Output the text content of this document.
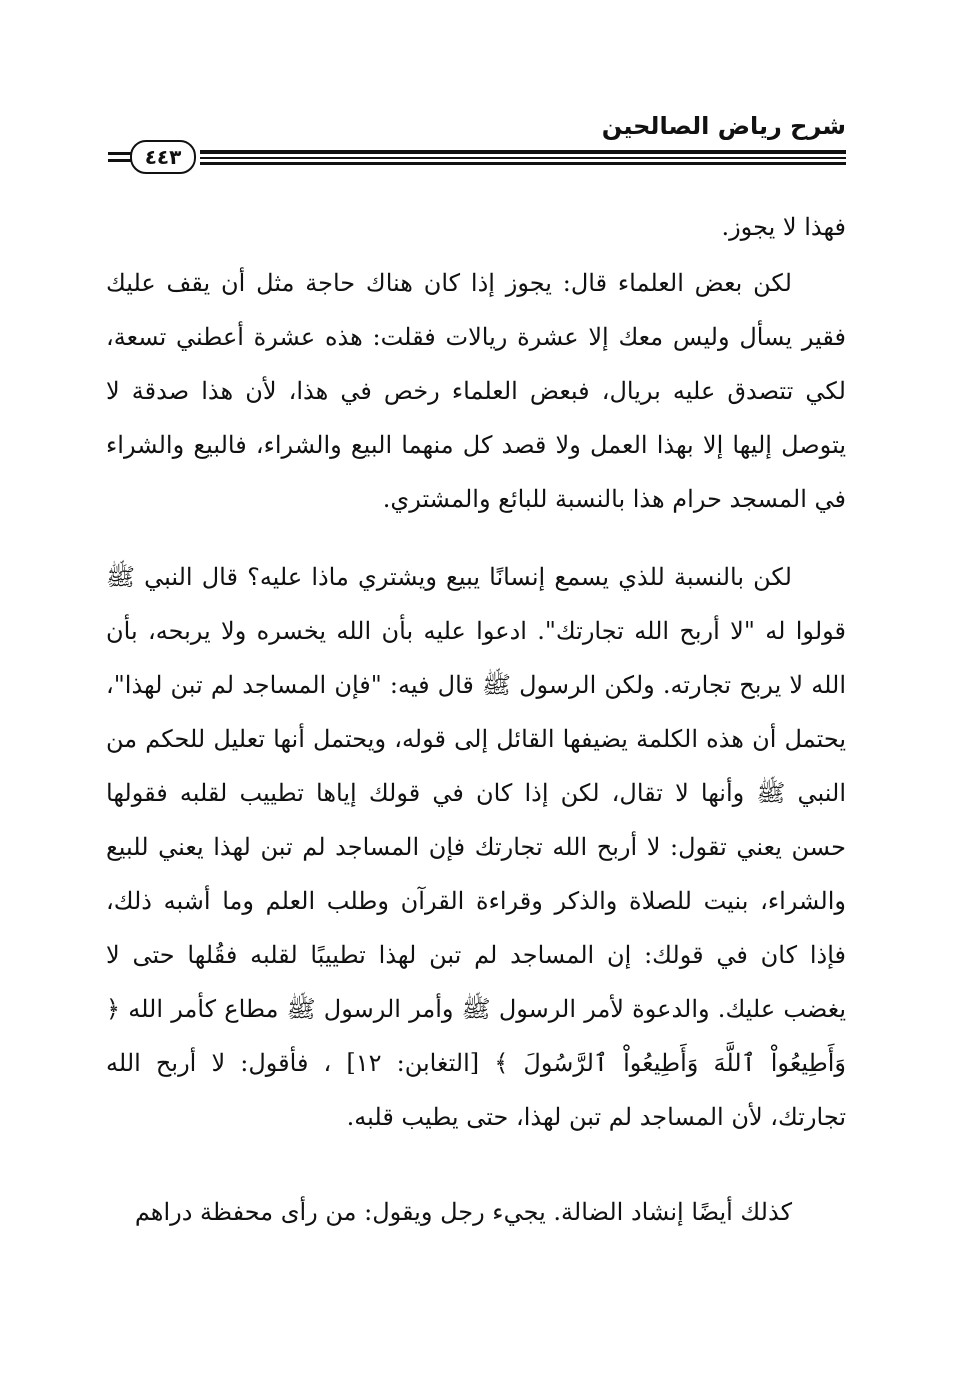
شرح رياض الصالحين
٤٤٣

فهذا لا يجوز.

لكن بعض العلماء قال: يجوز إذا كان هناك حاجة مثل أن يقف عليك فقير يسأل وليس معك إلا عشرة ريالات فقلت: هذه عشرة أعطني تسعة، لكي تتصدق عليه بريال، فبعض العلماء رخص في هذا، لأن هذا صدقة لا يتوصل إليها إلا بهذا العمل ولا قصد كل منهما البيع والشراء، فالبيع والشراء في المسجد حرام هذا بالنسبة للبائع والمشتري.

لكن بالنسبة للذي يسمع إنسانًا يبيع ويشتري ماذا عليه؟ قال النبي ﷺ قولوا له "لا أربح الله تجارتك". ادعوا عليه بأن الله يخسره ولا يربحه، بأن الله لا يربح تجارته. ولكن الرسول ﷺ قال فيه: "فإن المساجد لم تبن لهذا"، يحتمل أن هذه الكلمة يضيفها القائل إلى قوله، ويحتمل أنها تعليل للحكم من النبي ﷺ وأنها لا تقال، لكن إذا كان في قولك إياها تطييب لقلبه فقولها حسن يعني تقول: لا أربح الله تجارتك فإن المساجد لم تبن لهذا يعني للبيع والشراء، بنيت للصلاة والذكر وقراءة القرآن وطلب العلم وما أشبه ذلك، فإذا كان في قولك: إن المساجد لم تبن لهذا تطييبًا لقلبه فقُلها حتى لا يغضب عليك. والدعوة لأمر الرسول ﷺ وأمر الرسول ﷺ مطاع كأمر الله ﴿ وَأَطِيعُواْ ٱللَّهَ وَأَطِيعُواْ ٱلرَّسُولَ ﴾ [التغابن: ١٢] ، فأقول: لا أربح الله تجارتك، لأن المساجد لم تبن لهذا، حتى يطيب قلبه.

كذلك أيضًا إنشاد الضالة. يجيء رجل ويقول: من رأى محفظة دراهم
